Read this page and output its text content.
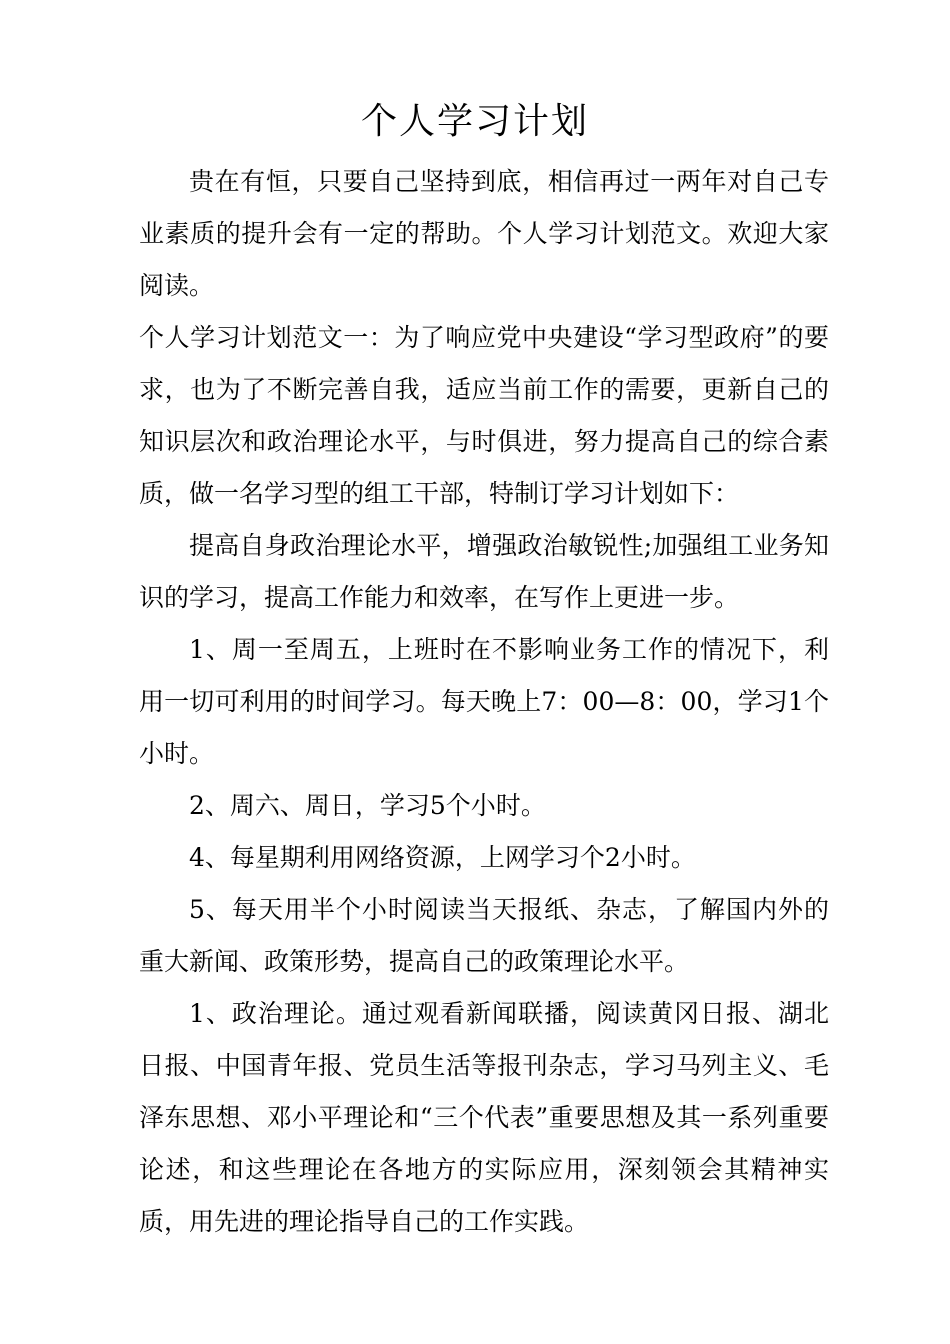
个人学习计划

贵在有恒，只要自己坚持到底，相信再过一两年对自己专业素质的提升会有一定的帮助。个人学习计划范文。欢迎大家阅读。

个人学习计划范文一：为了响应党中央建设“学习型政府”的要求，也为了不断完善自我，适应当前工作的需要，更新自己的知识层次和政治理论水平，与时俱进，努力提高自己的综合素质，做一名学习型的组工干部，特制订学习计划如下：

提高自身政治理论水平，增强政治敏锐性;加强组工业务知识的学习，提高工作能力和效率，在写作上更进一步。

1、周一至周五，上班时在不影响业务工作的情况下，利用一切可利用的时间学习。每天晚上7：00—8：00，学习1个小时。

2、周六、周日，学习5个小时。

4、每星期利用网络资源，上网学习个2小时。

5、每天用半个小时阅读当天报纸、杂志，了解国内外的重大新闻、政策形势，提高自己的政策理论水平。

1、政治理论。通过观看新闻联播，阅读黄冈日报、湖北日报、中国青年报、党员生活等报刊杂志，学习马列主义、毛泽东思想、邓小平理论和“三个代表”重要思想及其一系列重要论述，和这些理论在各地方的实际应用，深刻领会其精神实质，用先进的理论指导自己的工作实践。
